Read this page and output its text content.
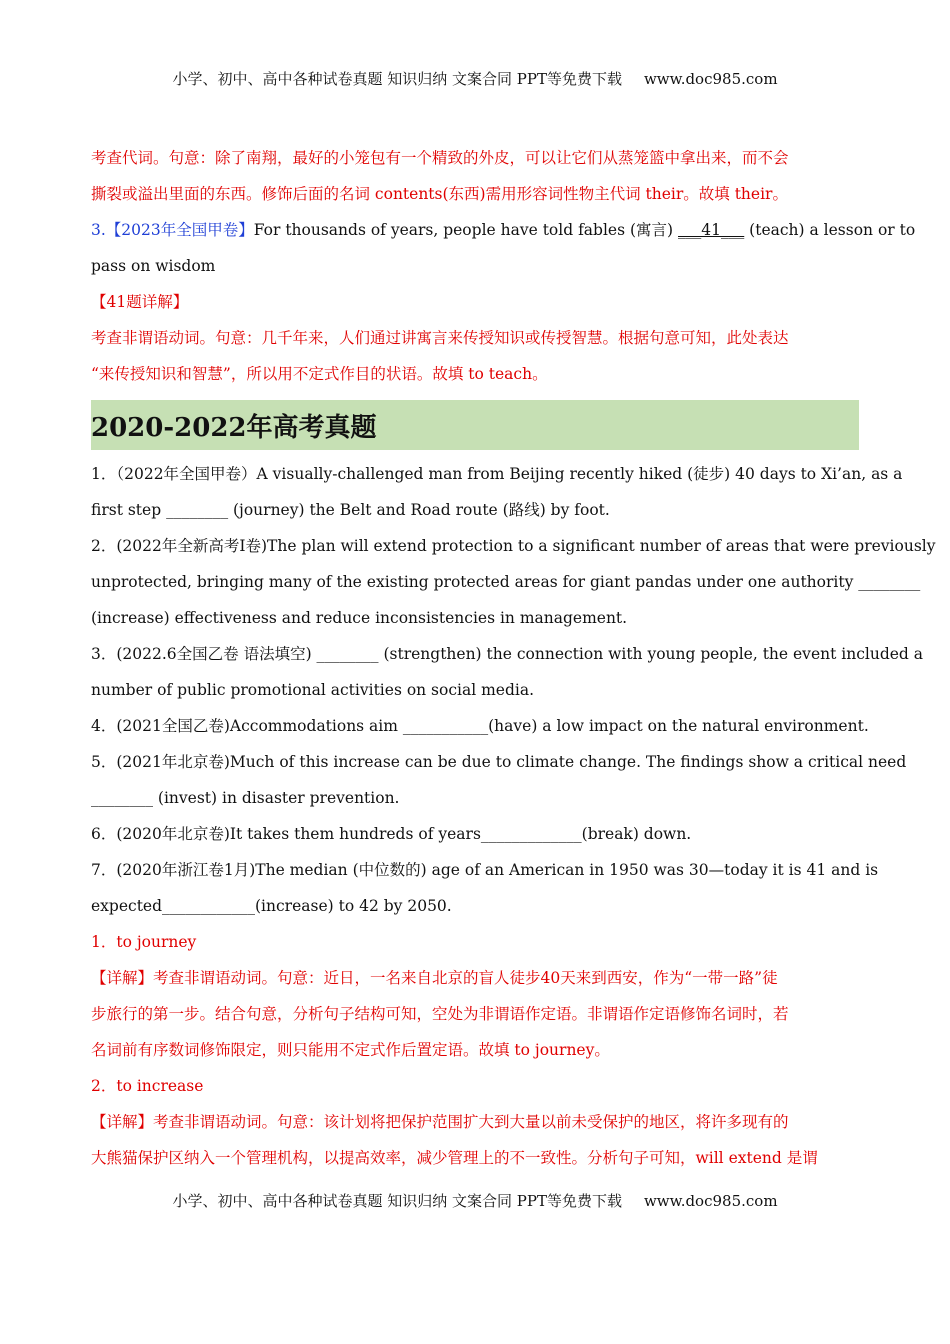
小学、初中、高中各种试卷真题 知识归纳 文案合同 PPT等免费下载 www.doc985.com

考查代词。句意：除了南翔，最好的小笼包有一个精致的外皮，可以让它们从蒸笼篮中拿出来，而不会

撕裂或溢出里面的东西。修饰后面的名词 contents(东西)需用形容词性物主代词 their。故填 their。

3.【2023年全国甲卷】For thousands of years, people have told fables (寓言) ___41___ (teach) a lesson or to

pass on wisdom

【41题详解】

考查非谓语动词。句意：几千年来，人们通过讲寓言来传授知识或传授智慧。根据句意可知，此处表达

“来传授知识和智慧”，所以用不定式作目的状语。故填 to teach。

2020-2022年高考真题

1．（2022年全国甲卷）A visually-challenged man from Beijing recently hiked (徒步) 40 days to Xi’an, as a

first step ________ (journey) the Belt and Road route (路线) by foot.

2．(2022年全新高考I卷)The plan will extend protection to a significant number of areas that were previously

unprotected, bringing many of the existing protected areas for giant pandas under one authority ________

(increase) effectiveness and reduce inconsistencies in management.

3．(2022.6全国乙卷 语法填空) ________ (strengthen) the connection with young people, the event included a

number of public promotional activities on social media.

4．(2021全国乙卷)Accommodations aim ___________(have) a low impact on the natural environment.

5．(2021年北京卷)Much of this increase can be due to climate change. The findings show a critical need

________ (invest) in disaster prevention.

6．(2020年北京卷)It takes them hundreds of years_____________(break) down.

7．(2020年浙江卷1月)The median (中位数的) age of an American in 1950 was 30—today it is 41 and is

expected____________(increase) to 42 by 2050.

1．to journey

【详解】考查非谓语动词。句意：近日，一名来自北京的盲人徒步40天来到西安，作为“一带一路”徒

步旅行的第一步。结合句意，分析句子结构可知，空处为非谓语作定语。非谓语作定语修饰名词时，若

名词前有序数词修饰限定，则只能用不定式作后置定语。故填 to journey。

2．to increase

【详解】考查非谓语动词。句意：该计划将把保护范围扩大到大量以前未受保护的地区，将许多现有的

大熊猫保护区纳入一个管理机构，以提高效率，减少管理上的不一致性。分析句子可知，will extend 是谓

小学、初中、高中各种试卷真题 知识归纳 文案合同 PPT等免费下载 www.doc985.com
